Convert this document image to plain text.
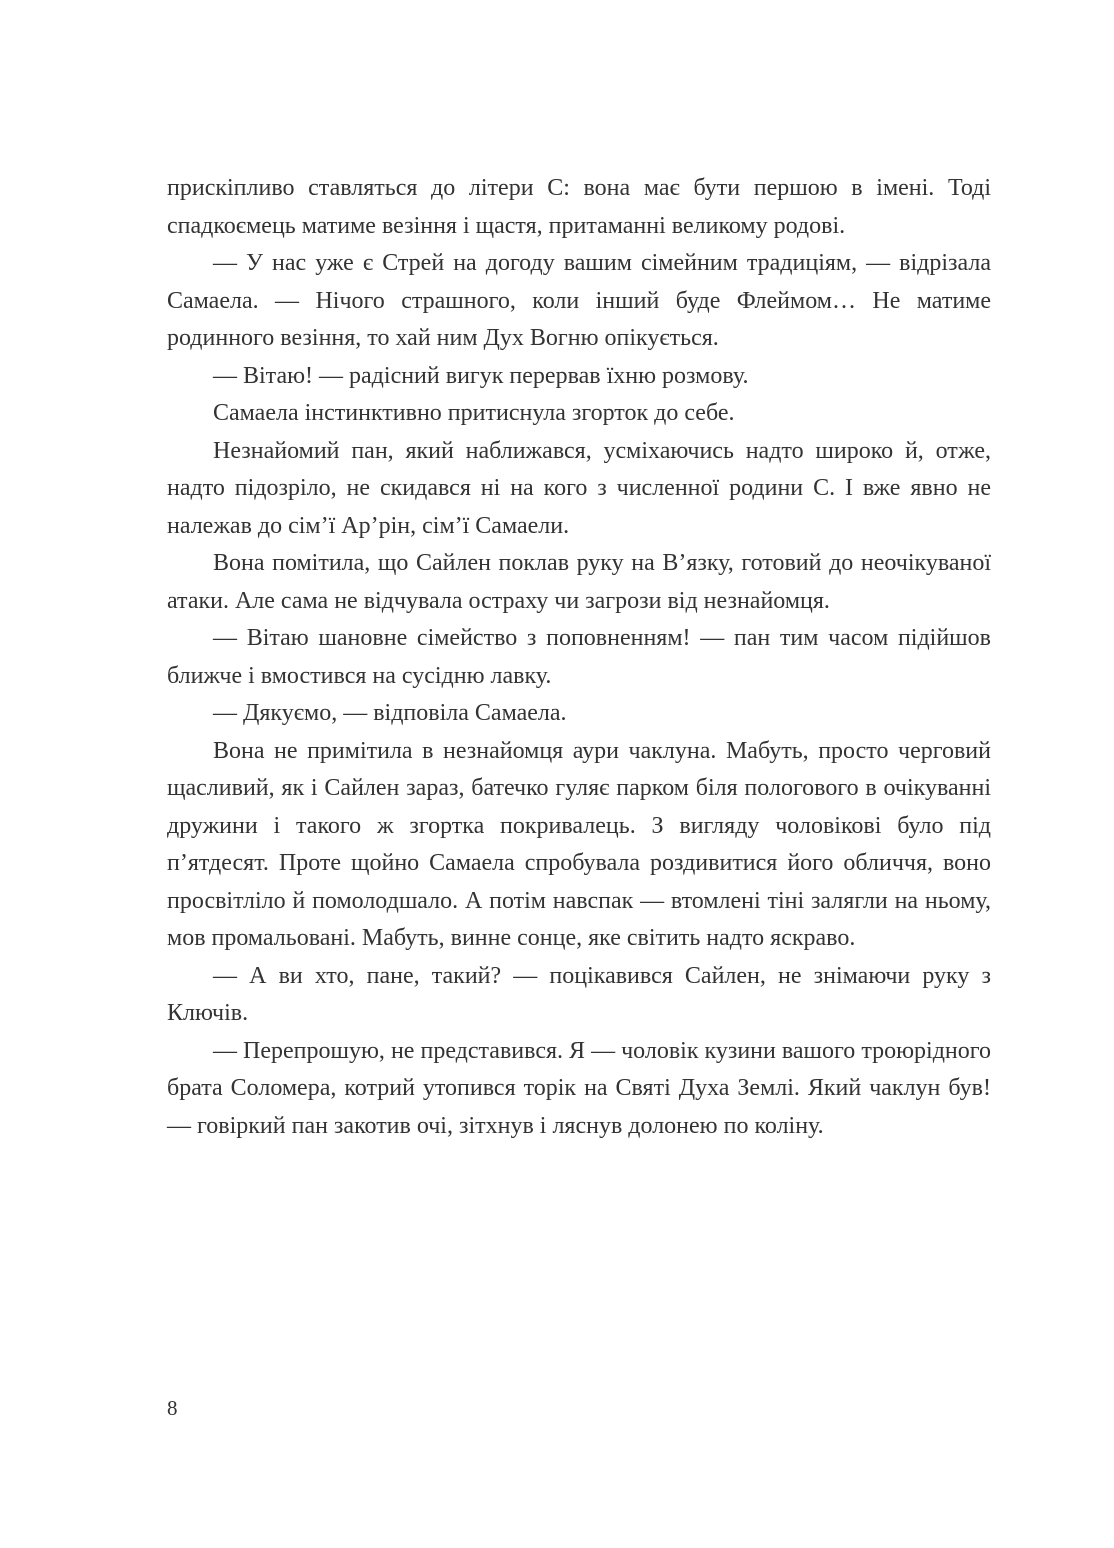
прискіпливо ставляться до літери С: вона має бути першою в імені. Тоді спадкоємець матиме везіння і щастя, притаманні великому родові.

— У нас уже є Стрей на догоду вашим сімейним традиціям, — відрізала Самаела. — Нічого страшного, коли інший буде Флеймом… Не матиме родинного везіння, то хай ним Дух Вогню опікується.

— Вітаю! — радісний вигук перервав їхню розмову.

Самаела інстинктивно притиснула згорток до себе.

Незнайомий пан, який наближався, усміхаючись надто широко й, отже, надто підозріло, не скидався ні на кого з численної родини С. І вже явно не належав до сім’ї Ар’рін, сім’ї Самаели.

Вона помітила, що Сайлен поклав руку на В’язку, готовий до неочікуваної атаки. Але сама не відчувала остраху чи загрози від незнайомця.

— Вітаю шановне сімейство з поповненням! — пан тим часом підійшов ближче і вмостився на сусідню лавку.

— Дякуємо, — відповіла Самаела.

Вона не примітила в незнайомця аури чаклуна. Мабуть, просто черговий щасливий, як і Сайлен зараз, батечко гуляє парком біля пологового в очікуванні дружини і такого ж згортка покривалець. З вигляду чоловікові було під п’ятдесят. Проте щойно Самаела спробувала роздивитися його обличчя, воно просвітліло й помолодшало. А потім навспак — втомлені тіні залягли на ньому, мов промальовані. Мабуть, винне сонце, яке світить надто яскраво.

— А ви хто, пане, такий? — поцікавився Сайлен, не знімаючи руку з Ключів.

— Перепрошую, не представився. Я — чоловік кузини вашого троюрідного брата Соломера, котрий утопився торік на Святі Духа Землі. Який чаклун був! — говіркий пан закотив очі, зітхнув і ляснув долонею по коліну.

8
